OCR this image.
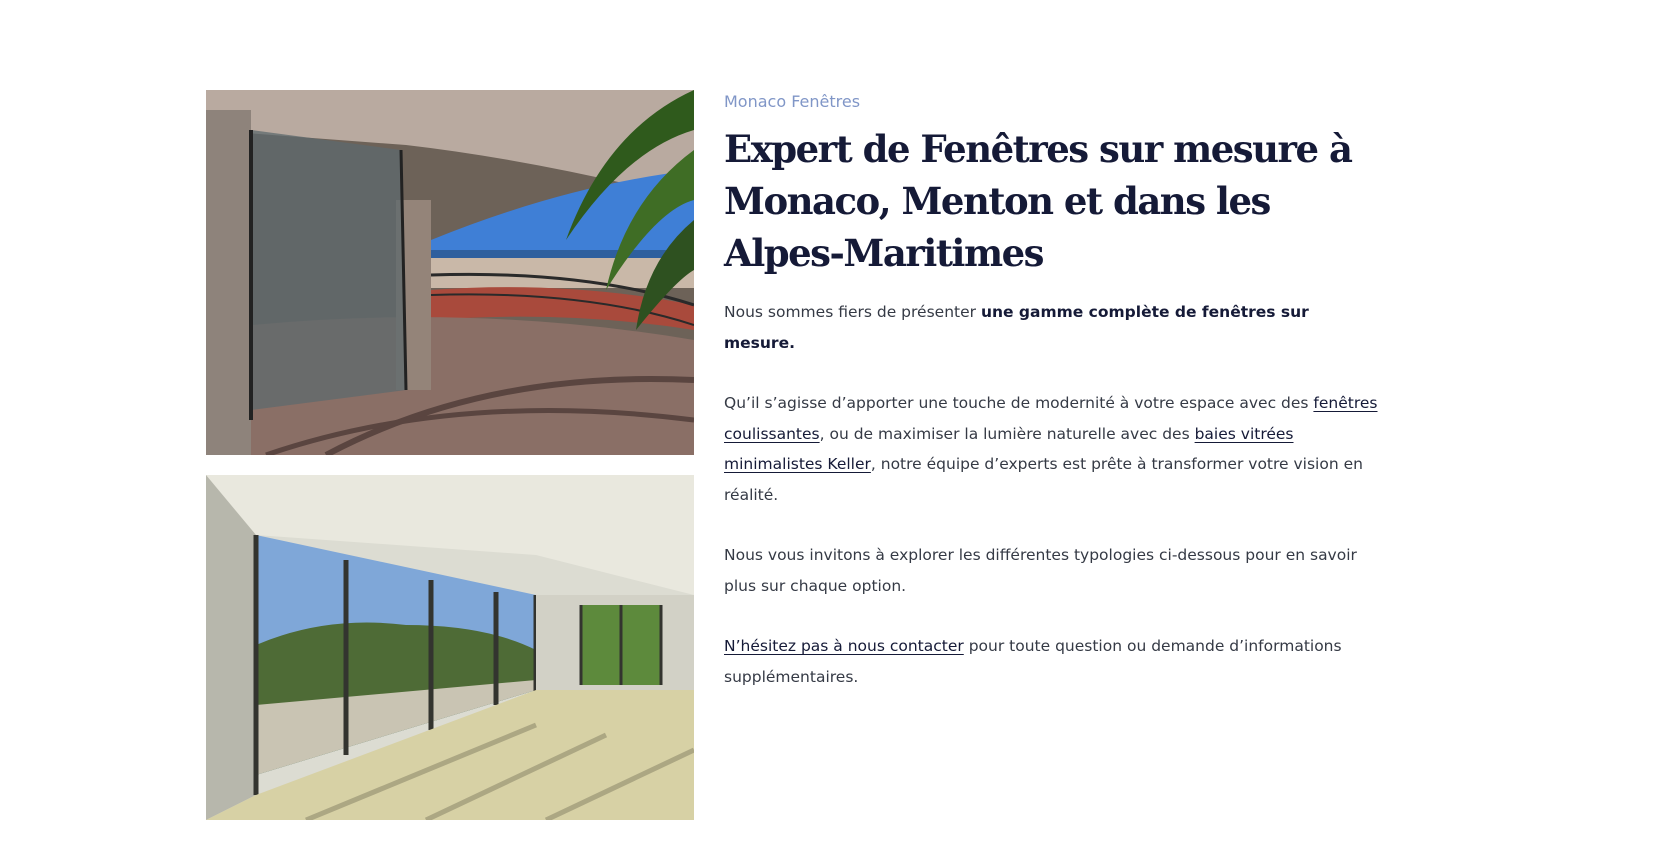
Monaco Fenêtres
Expert de Fenêtres sur mesure à Monaco, Menton et dans les Alpes-Maritimes

Nous sommes fiers de présenter une gamme complète de fenêtres sur mesure.

Qu’il s’agisse d’apporter une touche de modernité à votre espace avec des fenêtres coulissantes, ou de maximiser la lumière naturelle avec des baies vitrées minimalistes Keller, notre équipe d’experts est prête à transformer votre vision en réalité.

Nous vous invitons à explorer les différentes typologies ci-dessous pour en savoir plus sur chaque option.

N’hésitez pas à nous contacter pour toute question ou demande d’informations supplémentaires.
